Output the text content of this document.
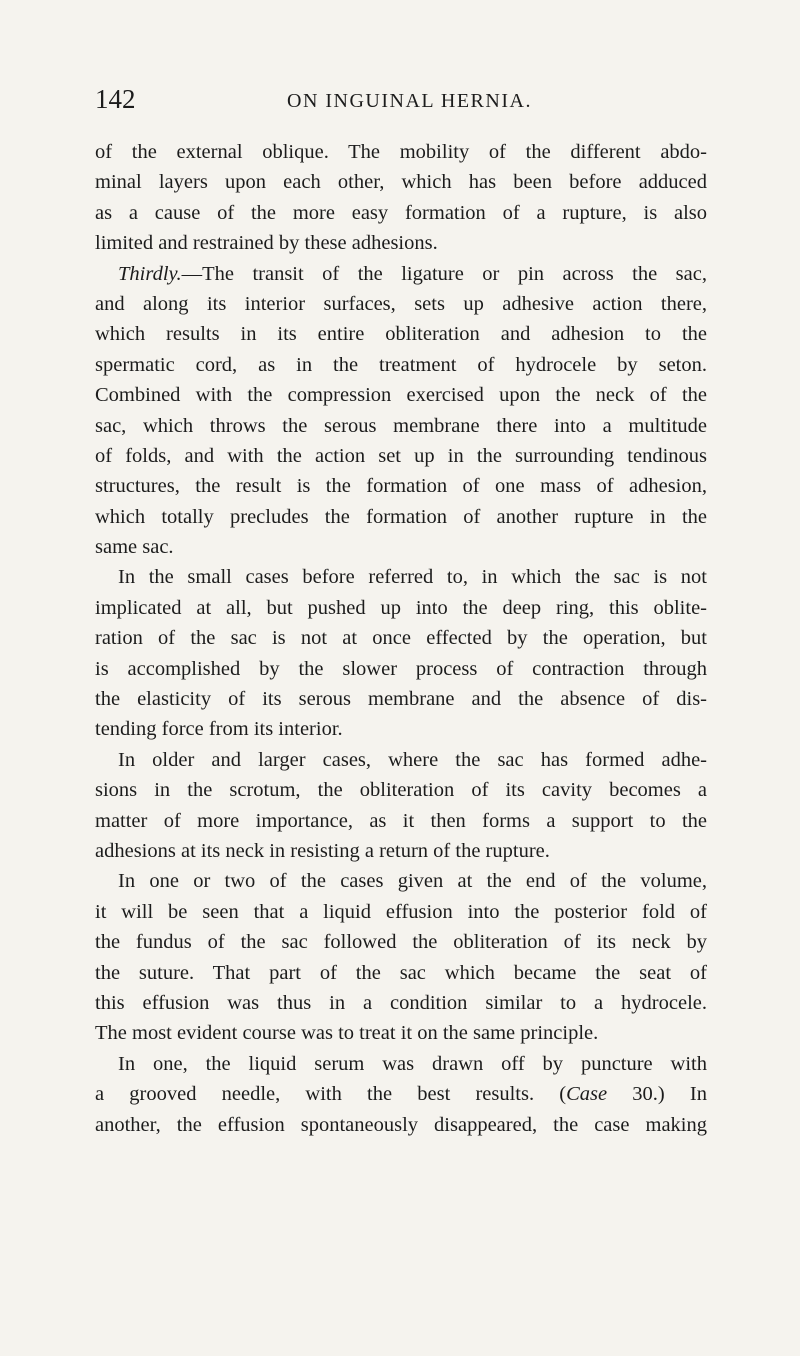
142	ON INGUINAL HERNIA.
of the external oblique. The mobility of the different abdo-
minal layers upon each other, which has been before adduced
as a cause of the more easy formation of a rupture, is also
limited and restrained by these adhesions.
Thirdly.—The transit of the ligature or pin across the sac,
and along its interior surfaces, sets up adhesive action there,
which results in its entire obliteration and adhesion to the
spermatic cord, as in the treatment of hydrocele by seton.
Combined with the compression exercised upon the neck of the
sac, which throws the serous membrane there into a multitude
of folds, and with the action set up in the surrounding tendinous
structures, the result is the formation of one mass of adhesion,
which totally precludes the formation of another rupture in the
same sac.
In the small cases before referred to, in which the sac is not
implicated at all, but pushed up into the deep ring, this oblite-
ration of the sac is not at once effected by the operation, but
is accomplished by the slower process of contraction through
the elasticity of its serous membrane and the absence of dis-
tending force from its interior.
In older and larger cases, where the sac has formed adhe-
sions in the scrotum, the obliteration of its cavity becomes a
matter of more importance, as it then forms a support to the
adhesions at its neck in resisting a return of the rupture.
In one or two of the cases given at the end of the volume,
it will be seen that a liquid effusion into the posterior fold of
the fundus of the sac followed the obliteration of its neck by
the suture. That part of the sac which became the seat of
this effusion was thus in a condition similar to a hydrocele.
The most evident course was to treat it on the same principle.
In one, the liquid serum was drawn off by puncture with
a grooved needle, with the best results. (Case 30.) In
another, the effusion spontaneously disappeared, the case making
